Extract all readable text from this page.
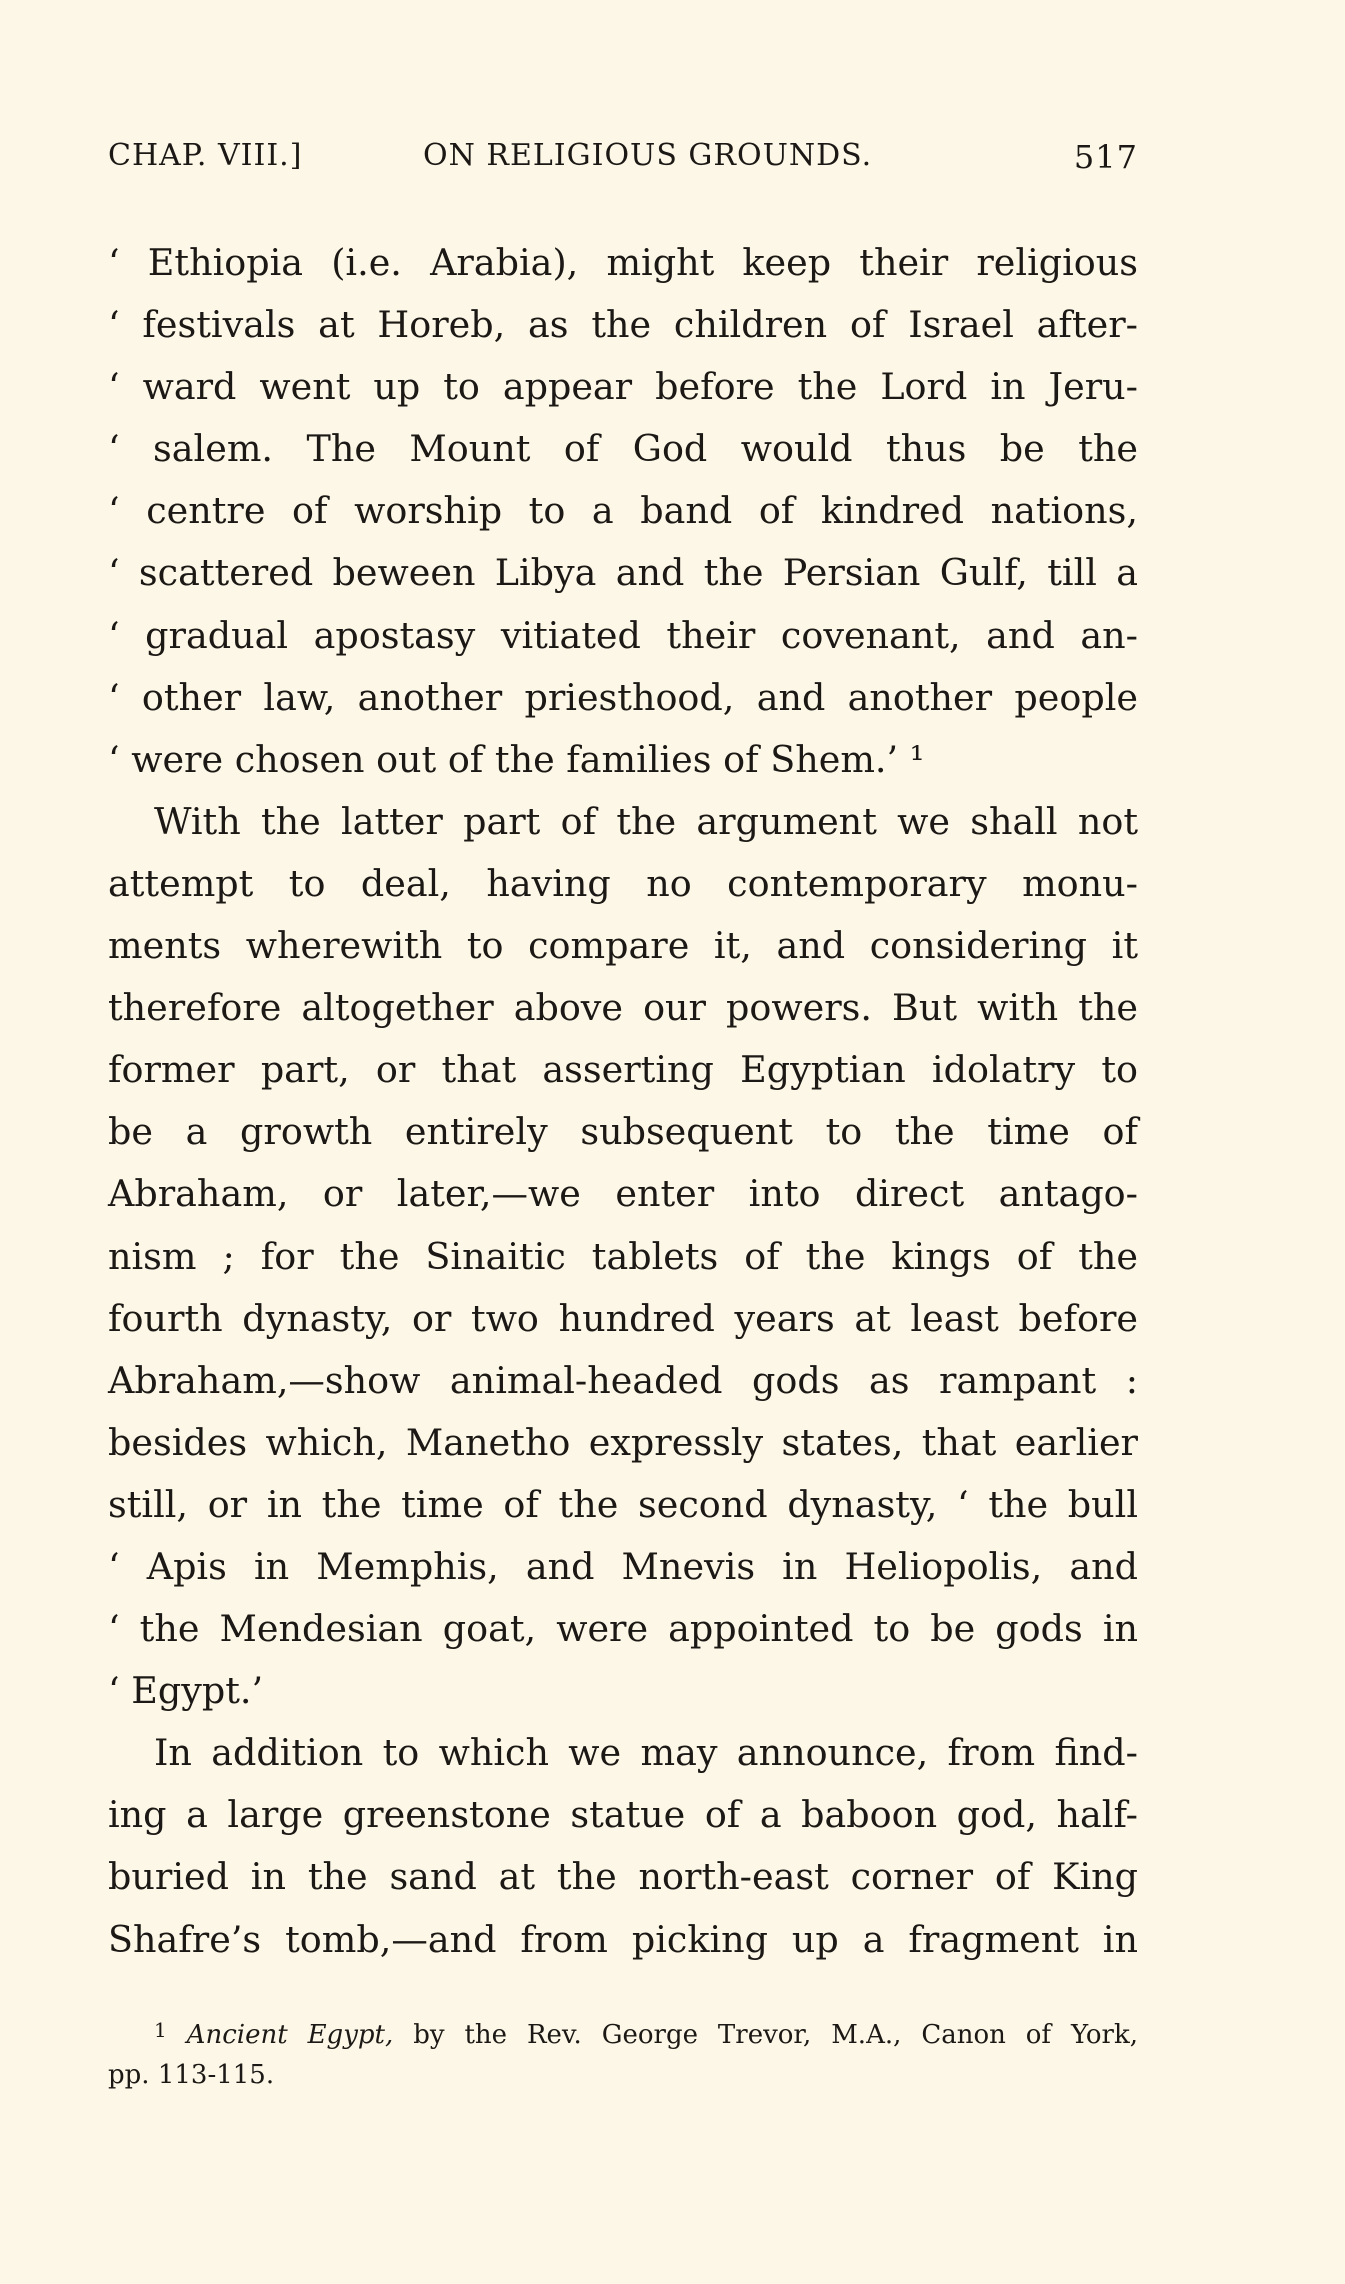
CHAP. VIII.]	ON RELIGIOUS GROUNDS.	517
‘ Ethiopia (i.e. Arabia), might keep their religious
‘ festivals at Horeb, as the children of Israel after-
‘ ward went up to appear before the Lord in Jeru-
‘ salem. The Mount of God would thus be the
‘ centre of worship to a band of kindred nations,
‘ scattered beween Libya and the Persian Gulf, till a
‘ gradual apostasy vitiated their covenant, and an-
‘ other law, another priesthood, and another people
‘ were chosen out of the families of Shem.’ ¹
With the latter part of the argument we shall not
attempt to deal, having no contemporary monu-
ments wherewith to compare it, and considering it
therefore altogether above our powers. But with the
former part, or that asserting Egyptian idolatry to
be a growth entirely subsequent to the time of
Abraham, or later,—we enter into direct antago-
nism ; for the Sinaitic tablets of the kings of the
fourth dynasty, or two hundred years at least before
Abraham,—show animal-headed gods as rampant :
besides which, Manetho expressly states, that earlier
still, or in the time of the second dynasty, ‘ the bull
‘ Apis in Memphis, and Mnevis in Heliopolis, and
‘ the Mendesian goat, were appointed to be gods in
‘ Egypt.’
In addition to which we may announce, from find-
ing a large greenstone statue of a baboon god, half-
buried in the sand at the north-east corner of King
Shafre’s tomb,—and from picking up a fragment in
$^1$ Ancient Egypt, by the Rev. George Trevor, M.A., Canon of York,
pp. 113-115.
